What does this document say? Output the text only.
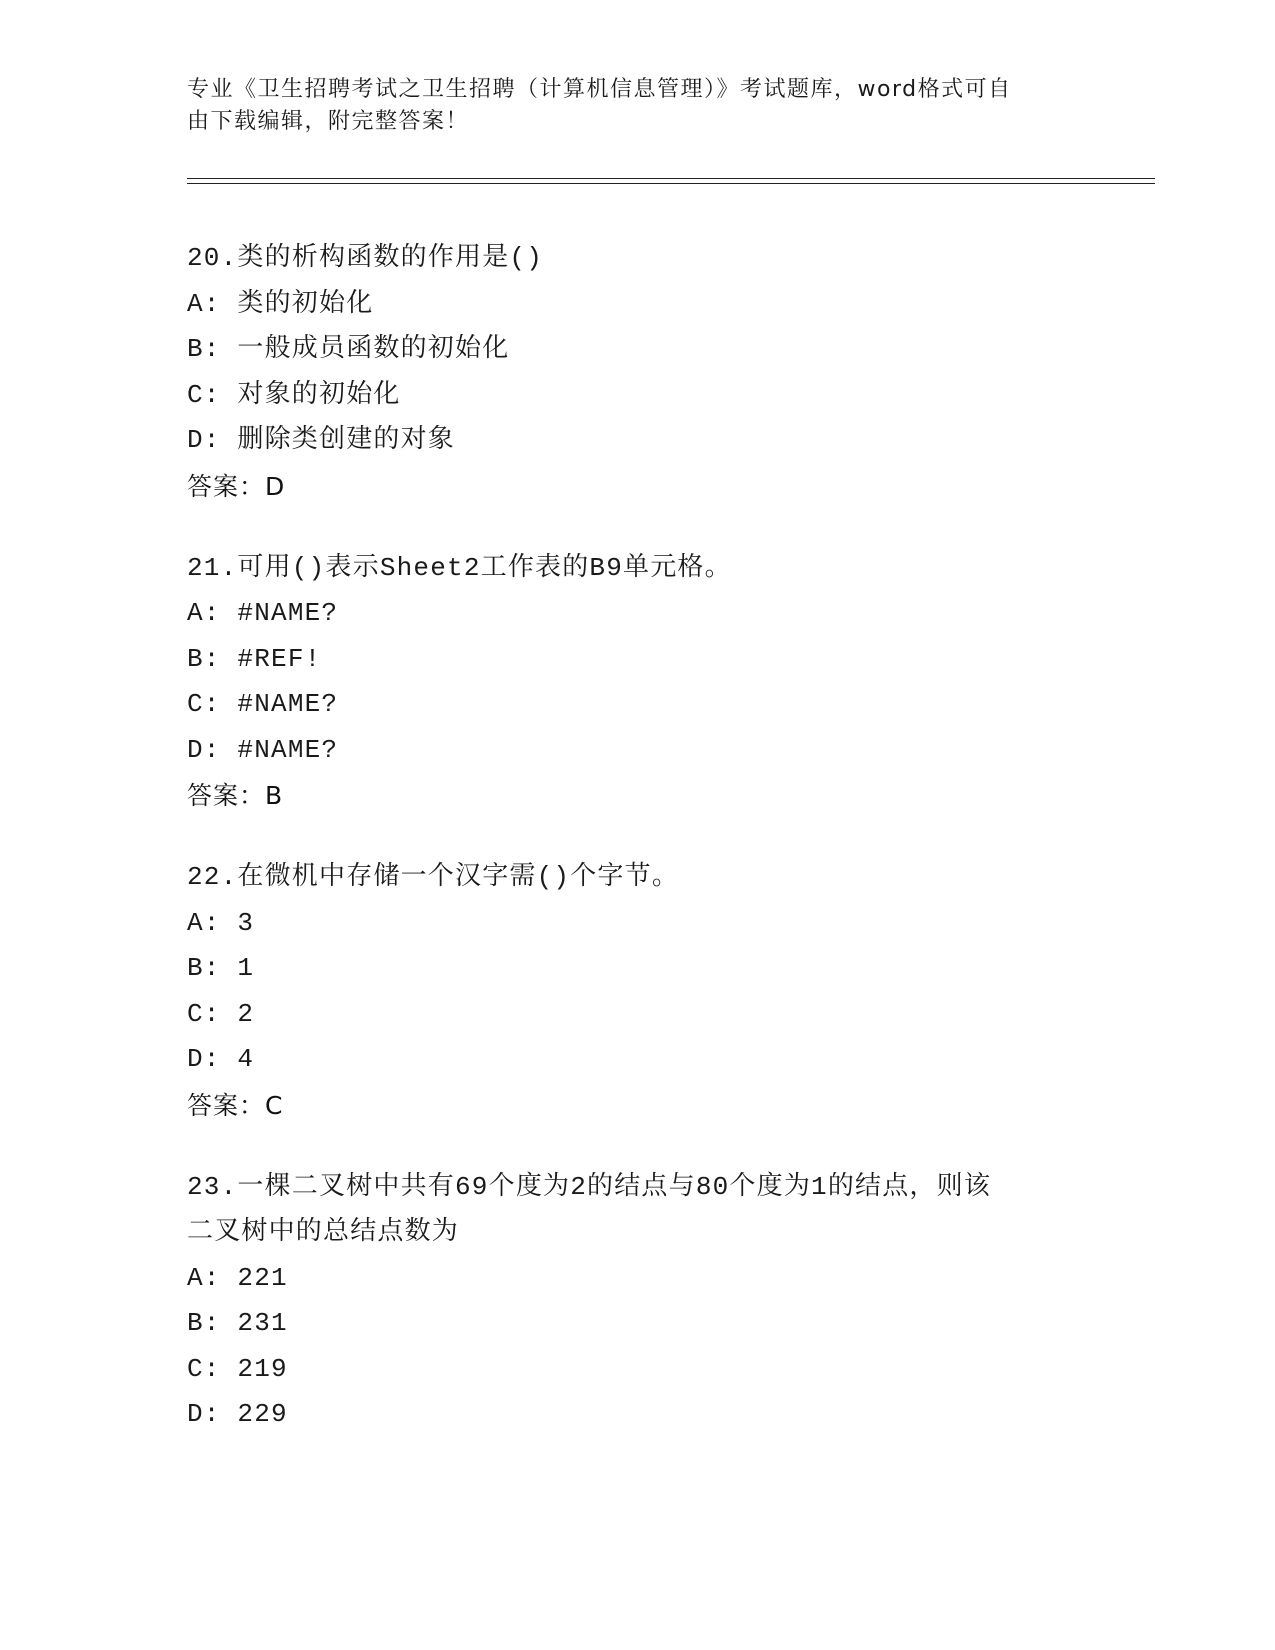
专业《卫生招聘考试之卫生招聘（计算机信息管理）》考试题库，word格式可自
由下载编辑，附完整答案！
20.类的析构函数的作用是()
A: 类的初始化
B: 一般成员函数的初始化
C: 对象的初始化
D: 删除类创建的对象
答案：D
21.可用()表示Sheet2工作表的B9单元格。
A: #NAME?
B: #REF!
C: #NAME?
D: #NAME?
答案：B
22.在微机中存储一个汉字需()个字节。
A: 3
B: 1
C: 2
D: 4
答案：C
23.一棵二叉树中共有69个度为2的结点与80个度为1的结点，则该
二叉树中的总结点数为
A: 221
B: 231
C: 219
D: 229
